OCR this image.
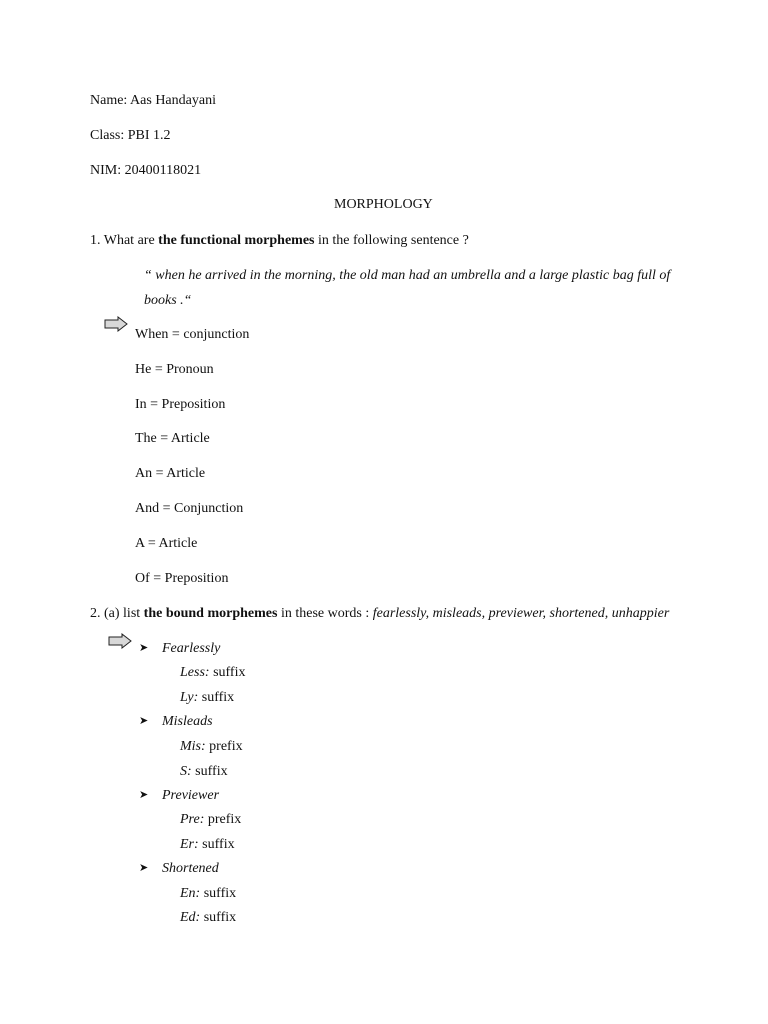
Name: Aas Handayani
Class: PBI 1.2
NIM: 20400118021
MORPHOLOGY
1. What are the functional morphemes in the following sentence ?
“ when he arrived in the morning, the old man had an umbrella and a large plastic bag full of
books .“
When = conjunction
He = Pronoun
In = Preposition
The = Article
An = Article
And = Conjunction
A = Article
Of = Preposition
2. (a) list the bound morphemes in these words : fearlessly, misleads, previewer, shortened, unhappier
➤ Fearlessly
Less: suffix
Ly: suffix
➤ Misleads
Mis: prefix
S: suffix
➤ Previewer
Pre: prefix
Er: suffix
➤ Shortened
En: suffix
Ed: suffix
